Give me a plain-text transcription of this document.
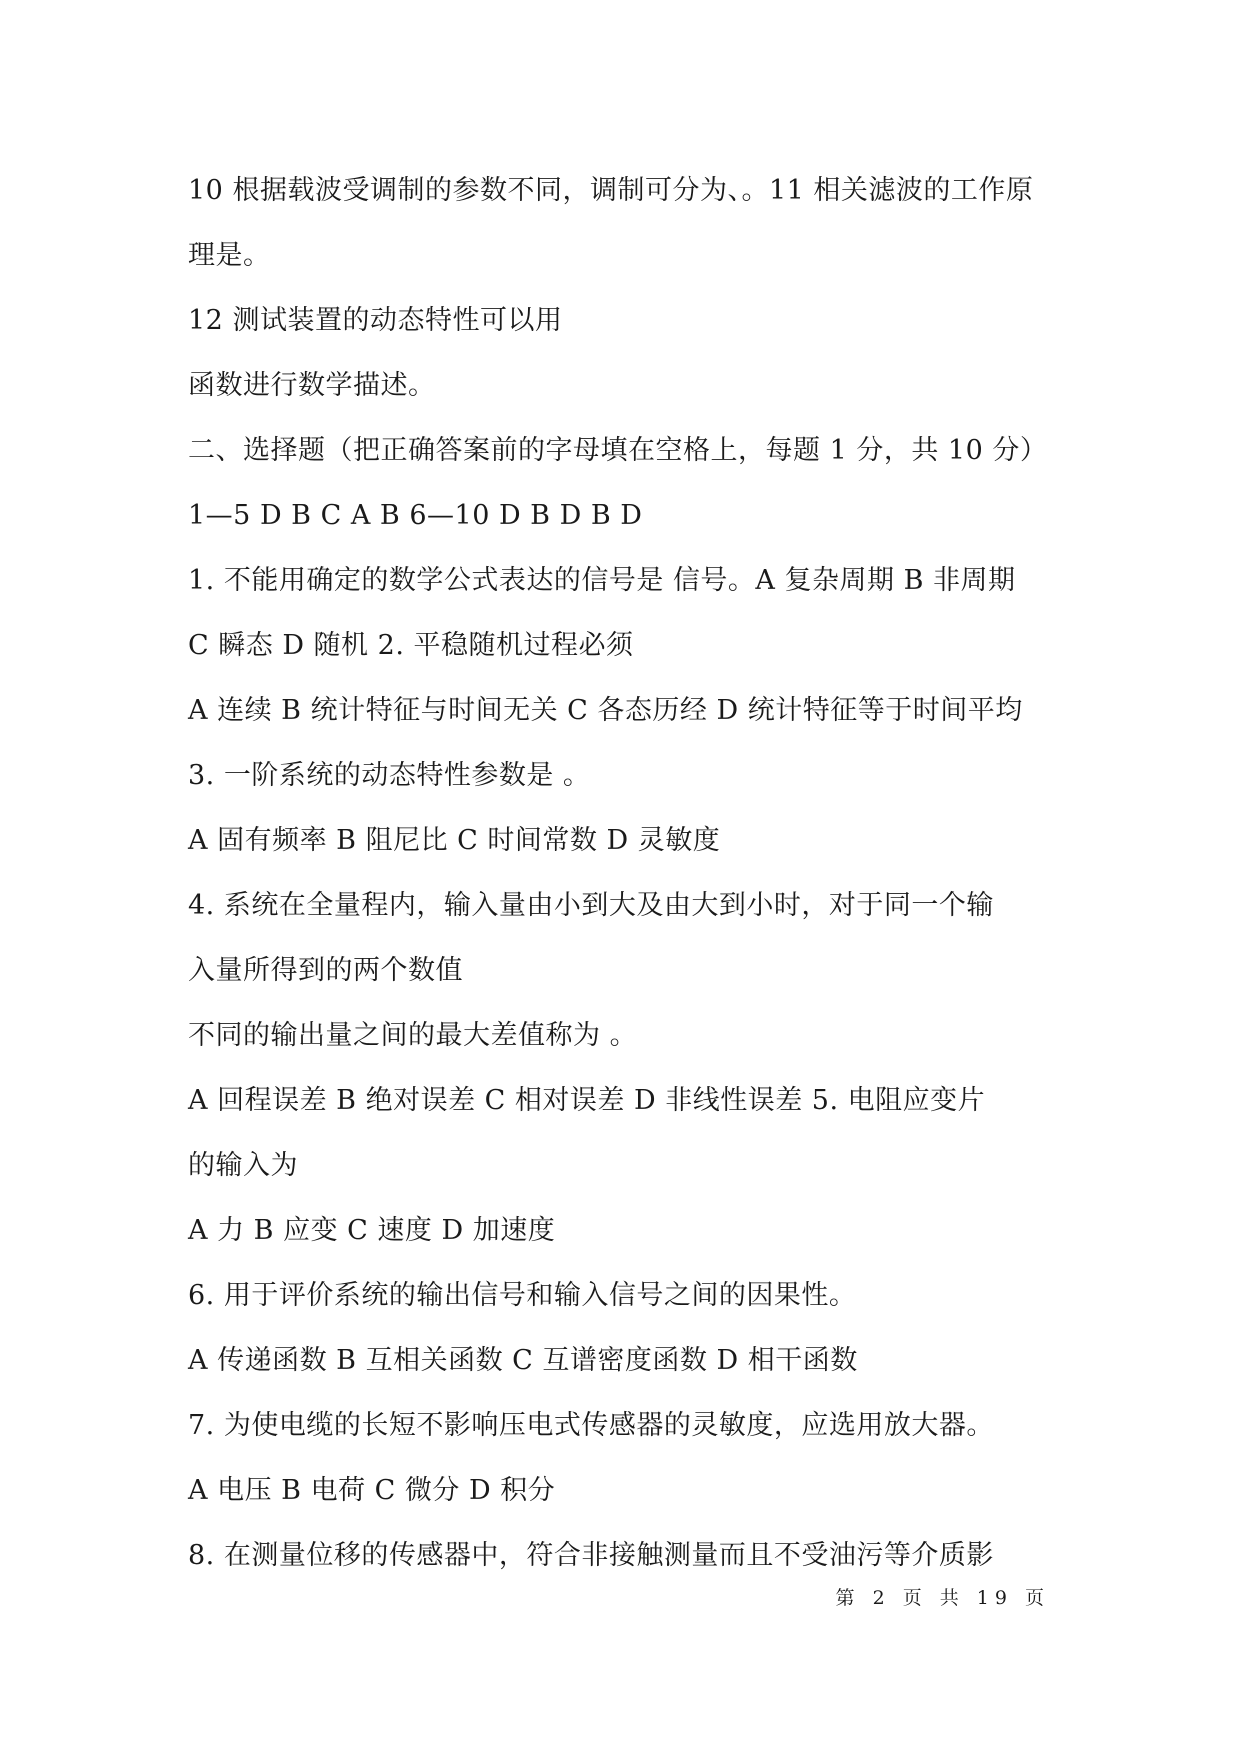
10 根据载波受调制的参数不同，调制可分为、。11 相关滤波的工作原
理是。
12 测试装置的动态特性可以用
函数进行数学描述。
二、选择题（把正确答案前的字母填在空格上，每题 1 分，共 10 分）
1—5 D B C A B 6—10 D B D B D
1. 不能用确定的数学公式表达的信号是 信号。A 复杂周期 B 非周期
C 瞬态 D 随机 2. 平稳随机过程必须
A 连续 B 统计特征与时间无关 C 各态历经 D 统计特征等于时间平均
3. 一阶系统的动态特性参数是 。
A 固有频率 B 阻尼比 C 时间常数 D 灵敏度
4. 系统在全量程内，输入量由小到大及由大到小时，对于同一个输
入量所得到的两个数值
不同的输出量之间的最大差值称为 。
A 回程误差 B 绝对误差 C 相对误差 D 非线性误差 5. 电阻应变片
的输入为
A 力 B 应变 C 速度 D 加速度
6. 用于评价系统的输出信号和输入信号之间的因果性。
A 传递函数 B 互相关函数 C 互谱密度函数 D 相干函数
7. 为使电缆的长短不影响压电式传感器的灵敏度，应选用放大器。
A 电压 B 电荷 C 微分 D 积分
8. 在测量位移的传感器中，符合非接触测量而且不受油污等介质影
第 2 页 共 19 页
